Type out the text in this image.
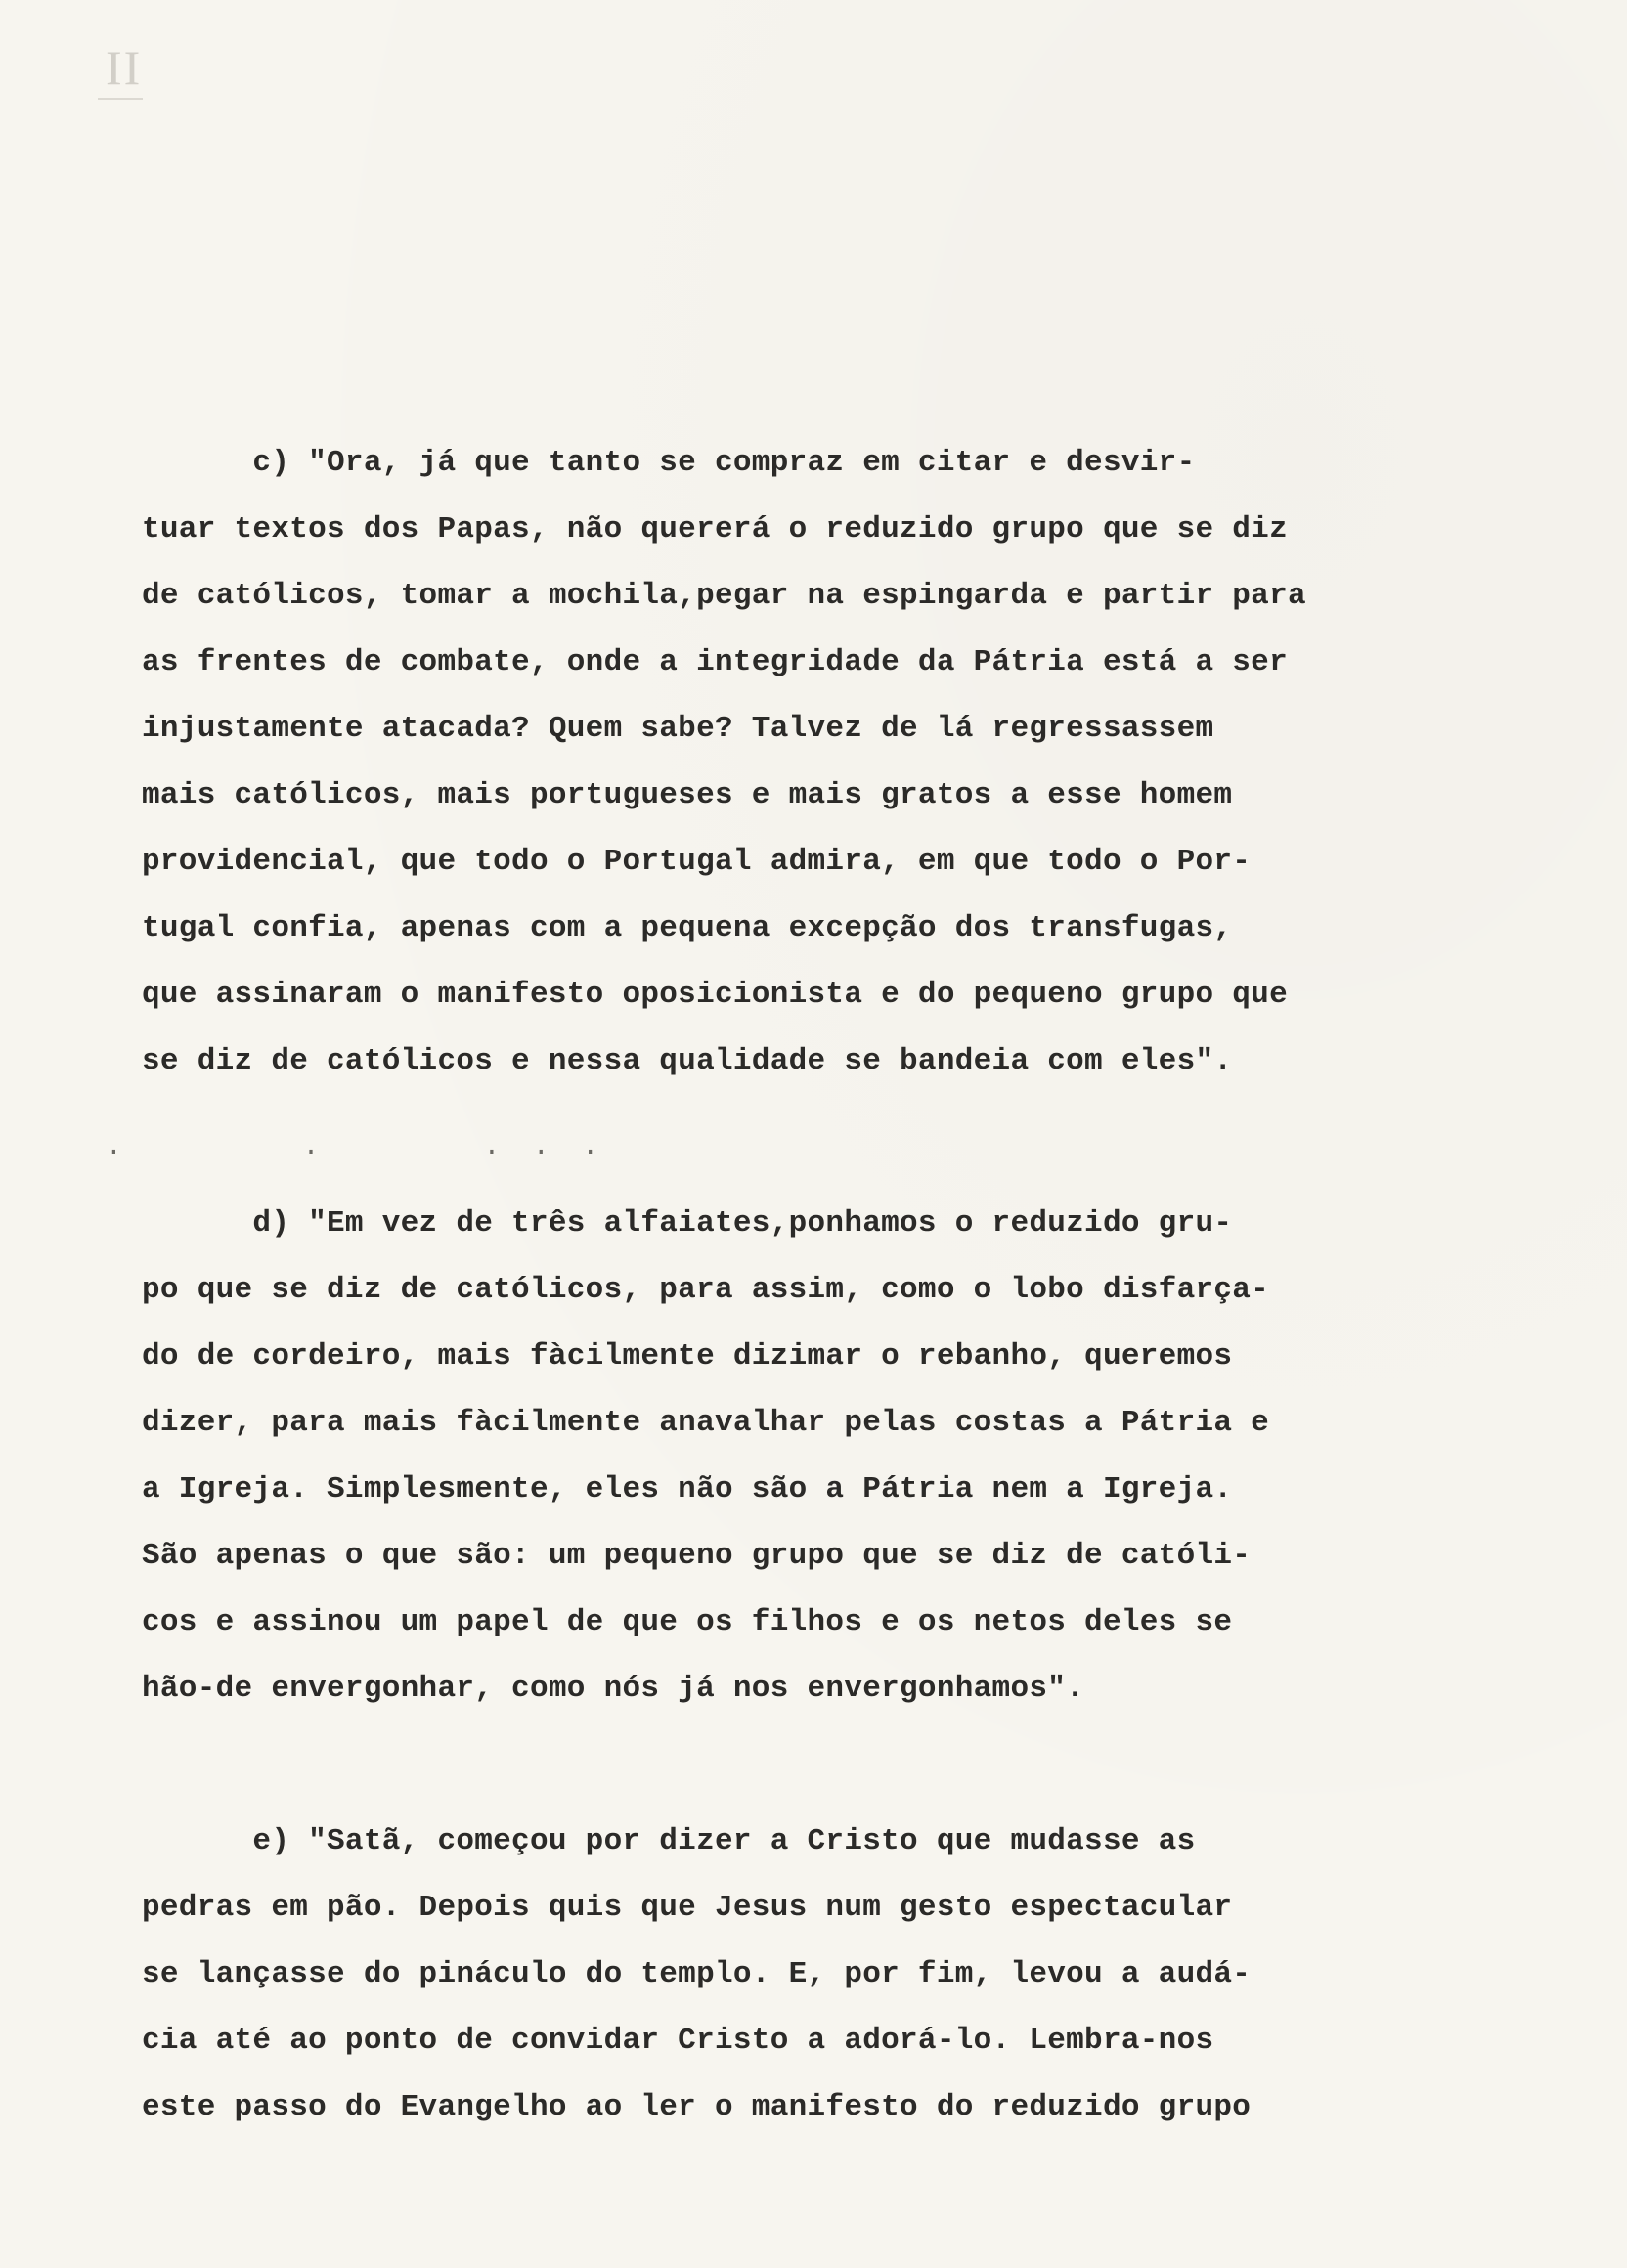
II

c) "Ora, já que tanto se compraz em citar e desvir-

tuar textos dos Papas, não quererá o reduzido grupo que se diz

de católicos, tomar a mochila,pegar na espingarda e partir para

as frentes de combate, onde a integridade da Pátria está a ser

injustamente atacada? Quem sabe? Talvez de lá regressassem

mais católicos, mais portugueses e mais gratos a esse homem

providencial, que todo o Portugal admira, em que todo o Por-

tugal confia, apenas com a pequena excepção dos transfugas,

que assinaram o manifesto oposicionista e do pequeno grupo que

se diz de católicos e nessa qualidade se bandeia com eles".

.           .          .  .  .

d) "Em vez de três alfaiates,ponhamos o reduzido gru-

po que se diz de católicos, para assim, como o lobo disfarça-

do de cordeiro, mais fàcilmente dizimar o rebanho, queremos

dizer, para mais fàcilmente anavalhar pelas costas a Pátria e

a Igreja. Simplesmente, eles não são a Pátria nem a Igreja.

São apenas o que são: um pequeno grupo que se diz de católi-

cos e assinou um papel de que os filhos e os netos deles se

hão-de envergonhar, como nós já nos envergonhamos".

e) "Satã, começou por dizer a Cristo que mudasse as

pedras em pão. Depois quis que Jesus num gesto espectacular

se lançasse do pináculo do templo. E, por fim, levou a audá-

cia até ao ponto de convidar Cristo a adorá-lo. Lembra-nos

este passo do Evangelho ao ler o manifesto do reduzido grupo
